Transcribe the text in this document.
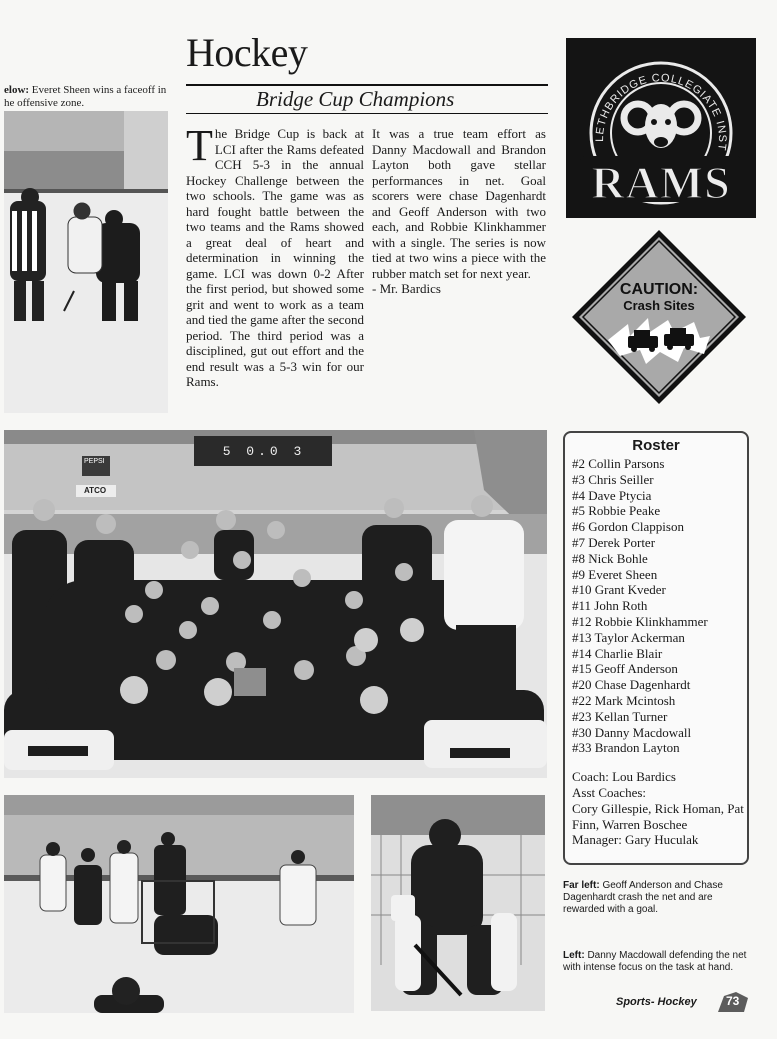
elow: Everet Sheen wins a faceoff in
he offensive zone.

Hockey
Bridge Cup Champions
The Bridge Cup is back at LCI after the Rams defeated CCH 5-3 in the annual Hockey Challenge between the two schools. The game was as hard fought battle between the two teams and the Rams showed a great deal of heart and determination in winning the game. LCI was down 0-2 After the first period, but showed some grit and went to work as a team and tied the game after the second period. The third period was a disciplined, gut out effort and the end result was a 5-3 win for our Rams.
It was a true team effort as Danny Macdowall and Brandon Layton both gave stellar performances in net. Goal scorers were chase Dagenhardt and Geoff Anderson with two each, and Robbie Klinkhammer with a single. The series is now tied at two wins a piece with the rubber match set for next year.
- Mr. Bardics
LETHBRIDGE COLLEGIATE INST
RAMS
CAUTION:
Crash Sites
5 0.0 3
PEPSI
ATCO
Roster
#2 Collin Parsons
#3 Chris Seiller
#4 Dave Ptycia
#5 Robbie Peake
#6 Gordon Clappison
#7 Derek Porter
#8 Nick Bohle
#9 Everet Sheen
#10 Grant Kveder
#11 John Roth
#12 Robbie Klinkhammer
#13 Taylor Ackerman
#14 Charlie Blair
#15 Geoff Anderson
#20 Chase Dagenhardt
#22 Mark Mcintosh
#23 Kellan Turner
#30 Danny Macdowall
#33 Brandon Layton
Coach: Lou Bardics
Asst Coaches:
Cory Gillespie, Rick Homan, Pat Finn, Warren Boschee
Manager: Gary Huculak
Far left: Geoff Anderson and Chase Dagenhardt crash the net and are rewarded with a goal.
Left: Danny Macdowall defending the net with intense focus on the task at hand.
Sports- Hockey 73
